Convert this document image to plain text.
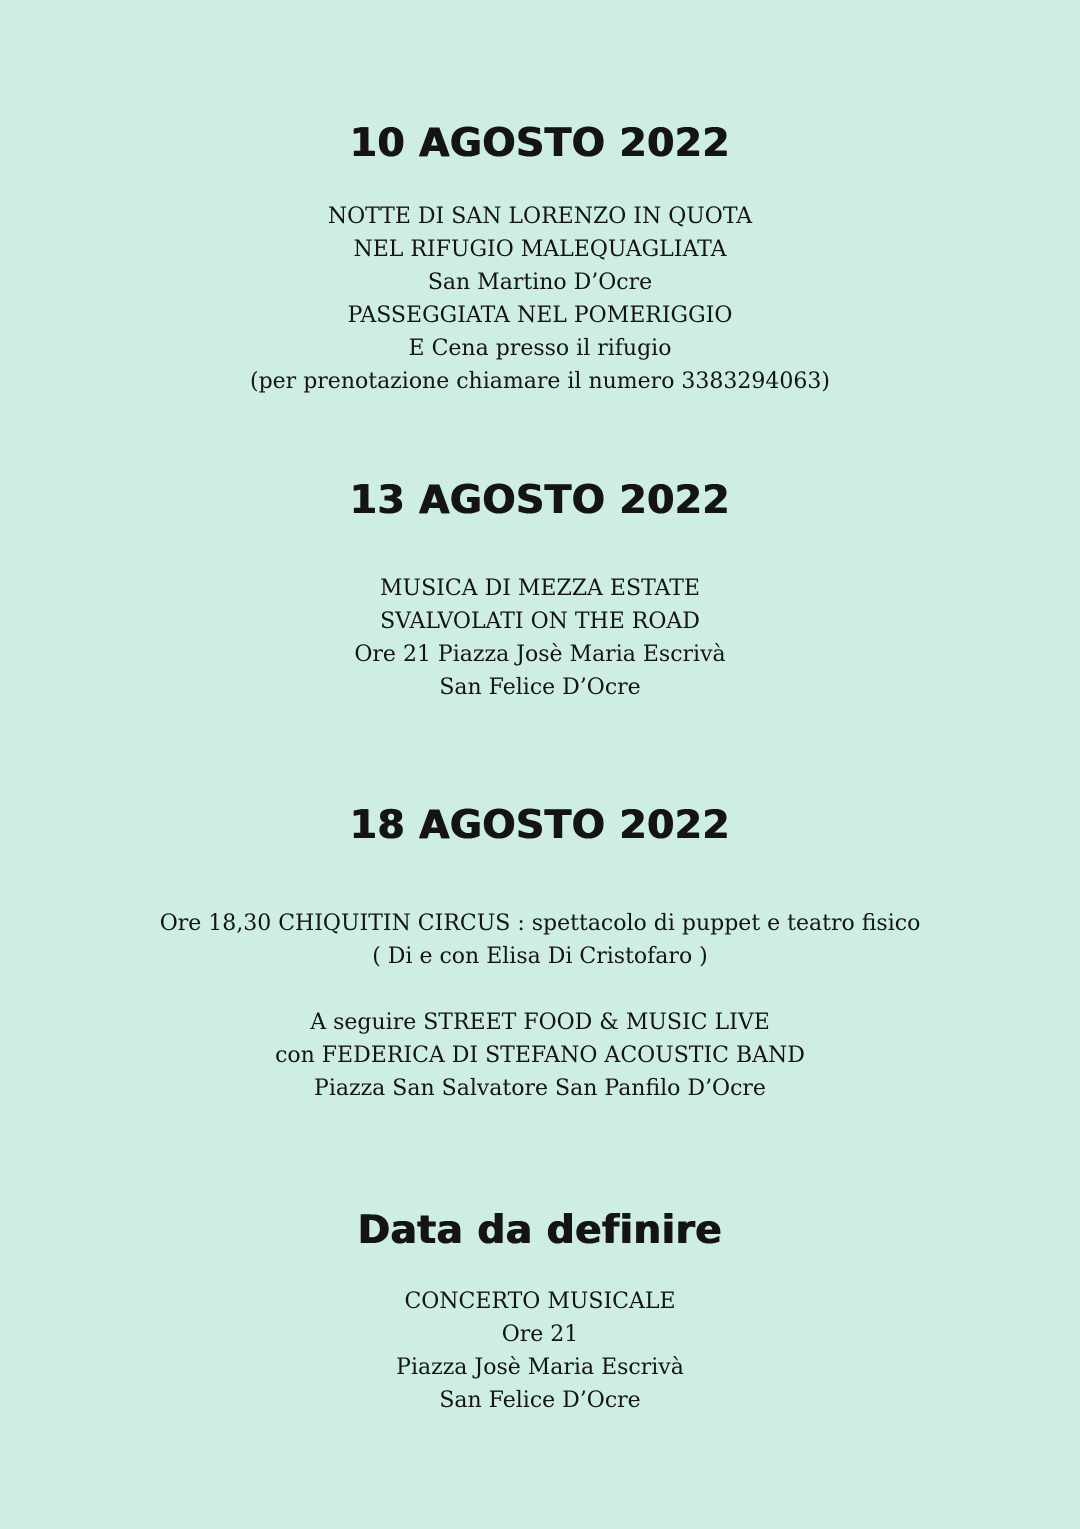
10 AGOSTO 2022
NOTTE DI SAN LORENZO IN QUOTA
NEL RIFUGIO MALEQUAGLIATA
San Martino D’Ocre
PASSEGGIATA NEL POMERIGGIO
E Cena presso il rifugio
(per prenotazione chiamare il numero 3383294063)
13 AGOSTO 2022
MUSICA DI MEZZA ESTATE
SVALVOLATI ON THE ROAD
Ore 21 Piazza Josè Maria Escrivà
San Felice D’Ocre
18 AGOSTO 2022
Ore 18,30 CHIQUITIN CIRCUS : spettacolo di puppet e teatro fisico
( Di e con Elisa Di Cristofaro )
A seguire STREET FOOD & MUSIC LIVE
con FEDERICA DI STEFANO ACOUSTIC BAND
Piazza San Salvatore San Panfilo D’Ocre
Data da definire
CONCERTO MUSICALE
Ore 21
Piazza Josè Maria Escrivà
San Felice D’Ocre
